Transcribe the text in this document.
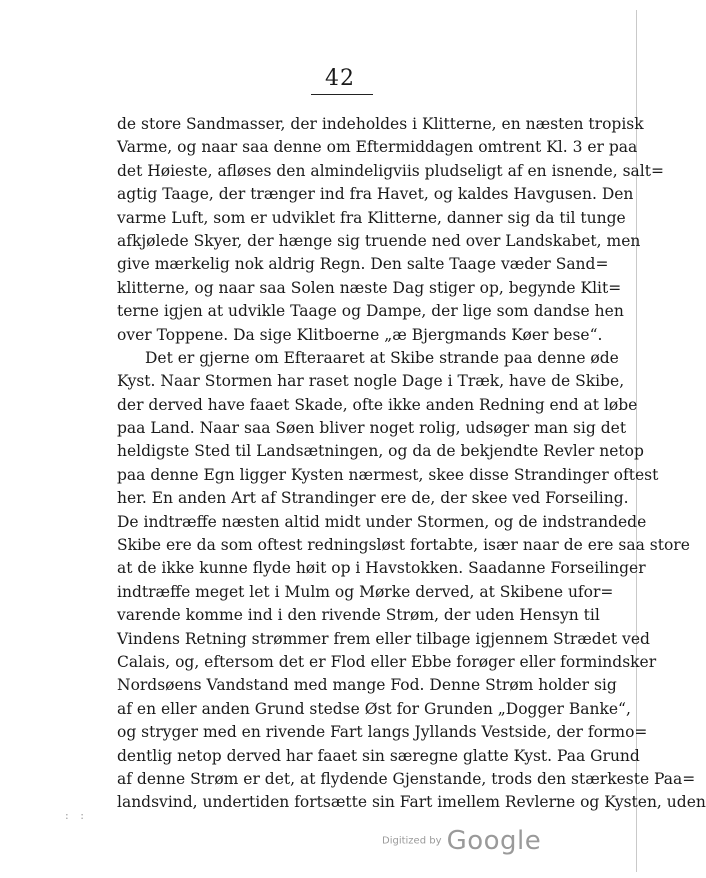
42
de store Sandmasser, der indeholdes i Klitterne, en næsten tropisk
Varme, og naar saa denne om Eftermiddagen omtrent Kl. 3 er paa
det Høieste, afløses den almindeligviis pludseligt af en isnende, salt=
agtig Taage, der trænger ind fra Havet, og kaldes Havgusen. Den
varme Luft, som er udviklet fra Klitterne, danner sig da til tunge
afkjølede Skyer, der hænge sig truende ned over Landskabet, men
give mærkelig nok aldrig Regn. Den salte Taage væder Sand=
klitterne, og naar saa Solen næste Dag stiger op, begynde Klit=
terne igjen at udvikle Taage og Dampe, der lige som dandse hen
over Toppene. Da sige Klitboerne „æ Bjergmands Køer bese“.
Det er gjerne om Efteraaret at Skibe strande paa denne øde
Kyst. Naar Stormen har raset nogle Dage i Træk, have de Skibe,
der derved have faaet Skade, ofte ikke anden Redning end at løbe
paa Land. Naar saa Søen bliver noget rolig, udsøger man sig det
heldigste Sted til Landsætningen, og da de bekjendte Revler netop
paa denne Egn ligger Kysten nærmest, skee disse Strandinger oftest
her. En anden Art af Strandinger ere de, der skee ved Forseiling.
De indtræffe næsten altid midt under Stormen, og de indstrandede
Skibe ere da som oftest redningsløst fortabte, især naar de ere saa store
at de ikke kunne flyde høit op i Havstokken. Saadanne Forseilinger
indtræffe meget let i Mulm og Mørke derved, at Skibene ufor=
varende komme ind i den rivende Strøm, der uden Hensyn til
Vindens Retning strømmer frem eller tilbage igjennem Strædet ved
Calais, og, eftersom det er Flod eller Ebbe forøger eller formindsker
Nordsøens Vandstand med mange Fod. Denne Strøm holder sig
af en eller anden Grund stedse Øst for Grunden „Dogger Banke“,
og stryger med en rivende Fart langs Jyllands Vestside, der formo=
dentlig netop derved har faaet sin særegne glatte Kyst. Paa Grund
af denne Strøm er det, at flydende Gjenstande, trods den stærkeste Paa=
landsvind, undertiden fortsætte sin Fart imellem Revlerne og Kysten, uden
: :
Digitized by Google
